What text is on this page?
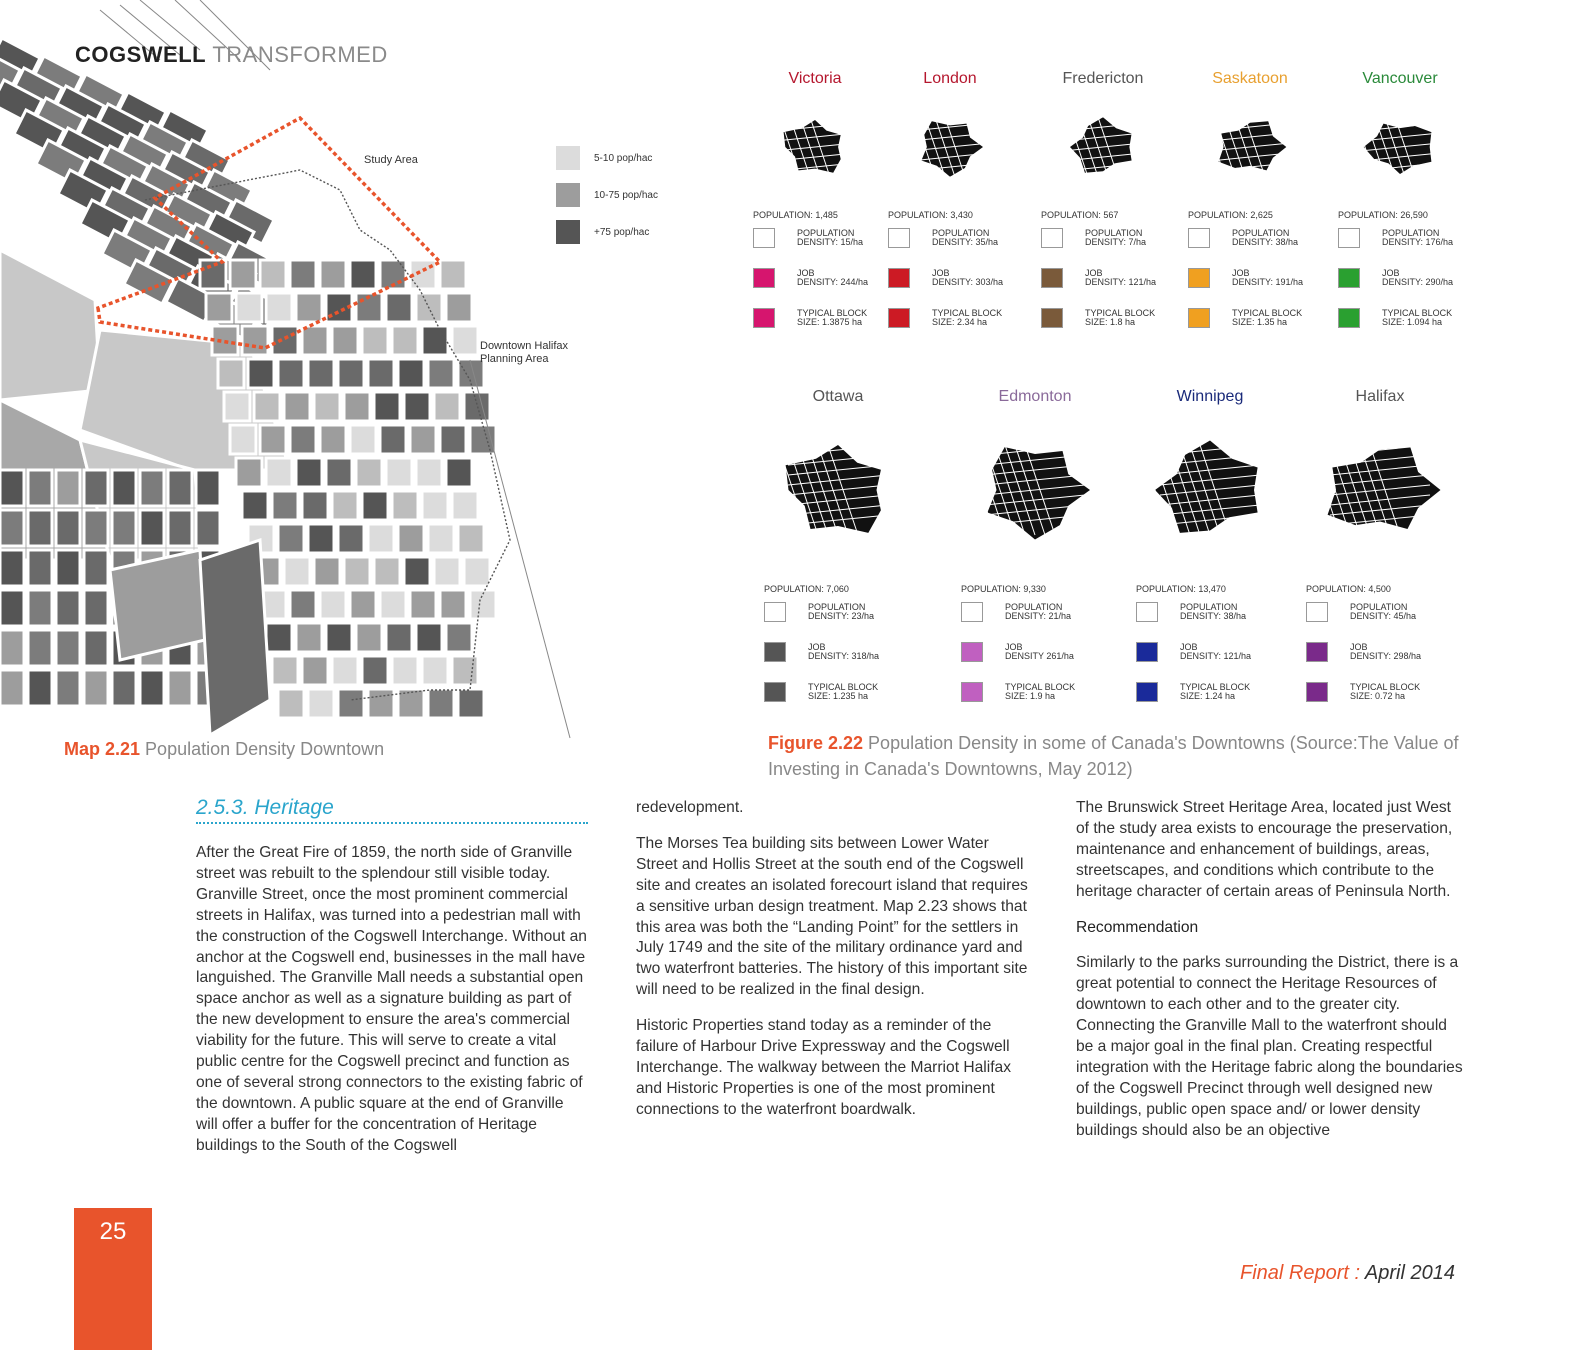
COGSWELL TRANSFORMED
Study Area
Downtown Halifax
Planning Area
5-10 pop/hac
10-75 pop/hac
+75 pop/hac
Map 2.21 Population Density Downtown
Victoria
POPULATION: 1,485
POPULATION
DENSITY: 15/ha
JOB
DENSITY: 244/ha
TYPICAL BLOCK
SIZE: 1.3875 ha
London
POPULATION: 3,430
POPULATION
DENSITY: 35/ha
JOB
DENSITY: 303/ha
TYPICAL BLOCK
SIZE: 2.34 ha
Fredericton
POPULATION: 567
POPULATION
DENSITY: 7/ha
JOB
DENSITY: 121/ha
TYPICAL BLOCK
SIZE: 1.8 ha
Saskatoon
POPULATION: 2,625
POPULATION
DENSITY: 38/ha
JOB
DENSITY: 191/ha
TYPICAL BLOCK
SIZE: 1.35 ha
Vancouver
POPULATION: 26,590
POPULATION
DENSITY: 176/ha
JOB
DENSITY: 290/ha
TYPICAL BLOCK
SIZE: 1.094 ha
Ottawa
POPULATION: 7,060
POPULATION
DENSITY: 23/ha
JOB
DENSITY: 318/ha
TYPICAL BLOCK
SIZE: 1.235 ha
Edmonton
POPULATION: 9,330
POPULATION
DENSITY: 21/ha
JOB
DENSITY 261/ha
TYPICAL BLOCK
SIZE: 1.9 ha
Winnipeg
POPULATION: 13,470
POPULATION
DENSITY: 38/ha
JOB
DENSITY: 121/ha
TYPICAL BLOCK
SIZE: 1.24 ha
Halifax
POPULATION: 4,500
POPULATION
DENSITY: 45/ha
JOB
DENSITY: 298/ha
TYPICAL BLOCK
SIZE: 0.72 ha
Figure 2.22 Population Density in some of Canada's Downtowns (Source:The Value of Investing in Canada's Downtowns, May 2012)
2.5.3. Heritage

After the Great Fire of 1859, the north side of Granville street was rebuilt to the splendour still visible today. Granville Street, once the most prominent commercial streets in Halifax, was turned into a pedestrian mall with the construction of the Cogswell Interchange. Without an anchor at the Cogswell end, businesses in the mall have languished. The Granville Mall needs a substantial open space anchor as well as a signature building as part of the new development to ensure the area's commercial viability for the future. This will serve to create a vital public centre for the Cogswell precinct and function as one of several strong connectors to the existing fabric of the downtown. A public square at the end of Granville will offer a buffer for the concentration of Heritage buildings to the South of the Cogswell

redevelopment.

The Morses Tea building sits between Lower Water Street and Hollis Street at the south end of the Cogswell site and creates an isolated forecourt island that requires a sensitive urban design treatment. Map 2.23 shows that this area was both the “Landing Point” for the settlers in July 1749 and the site of the military ordinance yard and two waterfront batteries. The history of this important site will need to be realized in the final design.

Historic Properties stand today as a reminder of the failure of Harbour Drive Expressway and the Cogswell Interchange. The walkway between the Marriot Halifax and Historic Properties is one of the most prominent connections to the waterfront boardwalk.

The Brunswick Street Heritage Area, located just West of the study area exists to encourage the preservation, maintenance and enhancement of buildings, areas, streetscapes, and conditions which contribute to the heritage character of certain areas of Peninsula North.

Recommendation

Similarly to the parks surrounding the District, there is a great potential to connect the Heritage Resources of downtown to each other and to the greater city. Connecting the Granville Mall to the waterfront should be a major goal in the final plan. Creating respectful integration with the Heritage fabric along the boundaries of the Cogswell Precinct through well designed new buildings, public open space and/ or lower density buildings should also be an objective

25
Final Report : April 2014
